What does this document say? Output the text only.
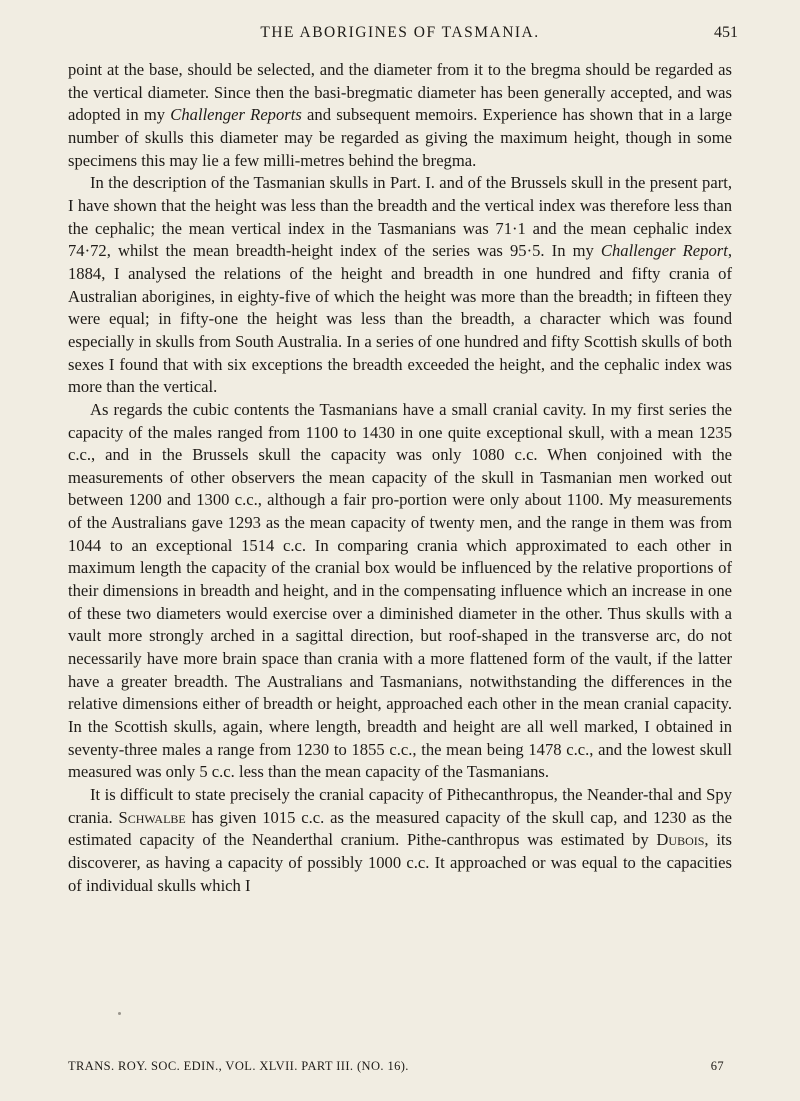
THE ABORIGINES OF TASMANIA.	451

point at the base, should be selected, and the diameter from it to the bregma should be regarded as the vertical diameter. Since then the basi-bregmatic diameter has been generally accepted, and was adopted in my Challenger Reports and subsequent memoirs. Experience has shown that in a large number of skulls this diameter may be regarded as giving the maximum height, though in some specimens this may lie a few milli-metres behind the bregma.

In the description of the Tasmanian skulls in Part. I. and of the Brussels skull in the present part, I have shown that the height was less than the breadth and the vertical index was therefore less than the cephalic; the mean vertical index in the Tasmanians was 71·1 and the mean cephalic index 74·72, whilst the mean breadth-height index of the series was 95·5. In my Challenger Report, 1884, I analysed the relations of the height and breadth in one hundred and fifty crania of Australian aborigines, in eighty-five of which the height was more than the breadth; in fifteen they were equal; in fifty-one the height was less than the breadth, a character which was found especially in skulls from South Australia. In a series of one hundred and fifty Scottish skulls of both sexes I found that with six exceptions the breadth exceeded the height, and the cephalic index was more than the vertical.

As regards the cubic contents the Tasmanians have a small cranial cavity. In my first series the capacity of the males ranged from 1100 to 1430 in one quite exceptional skull, with a mean 1235 c.c., and in the Brussels skull the capacity was only 1080 c.c. When conjoined with the measurements of other observers the mean capacity of the skull in Tasmanian men worked out between 1200 and 1300 c.c., although a fair pro-portion were only about 1100. My measurements of the Australians gave 1293 as the mean capacity of twenty men, and the range in them was from 1044 to an exceptional 1514 c.c. In comparing crania which approximated to each other in maximum length the capacity of the cranial box would be influenced by the relative proportions of their dimensions in breadth and height, and in the compensating influence which an increase in one of these two diameters would exercise over a diminished diameter in the other. Thus skulls with a vault more strongly arched in a sagittal direction, but roof-shaped in the transverse arc, do not necessarily have more brain space than crania with a more flattened form of the vault, if the latter have a greater breadth. The Australians and Tasmanians, notwithstanding the differences in the relative dimensions either of breadth or height, approached each other in the mean cranial capacity. In the Scottish skulls, again, where length, breadth and height are all well marked, I obtained in seventy-three males a range from 1230 to 1855 c.c., the mean being 1478 c.c., and the lowest skull measured was only 5 c.c. less than the mean capacity of the Tasmanians.

It is difficult to state precisely the cranial capacity of Pithecanthropus, the Neander-thal and Spy crania. Schwalbe has given 1015 c.c. as the measured capacity of the skull cap, and 1230 as the estimated capacity of the Neanderthal cranium. Pithe-canthropus was estimated by Dubois, its discoverer, as having a capacity of possibly 1000 c.c. It approached or was equal to the capacities of individual skulls which I

TRANS. ROY. SOC. EDIN., VOL. XLVII. PART III. (NO. 16).	67
